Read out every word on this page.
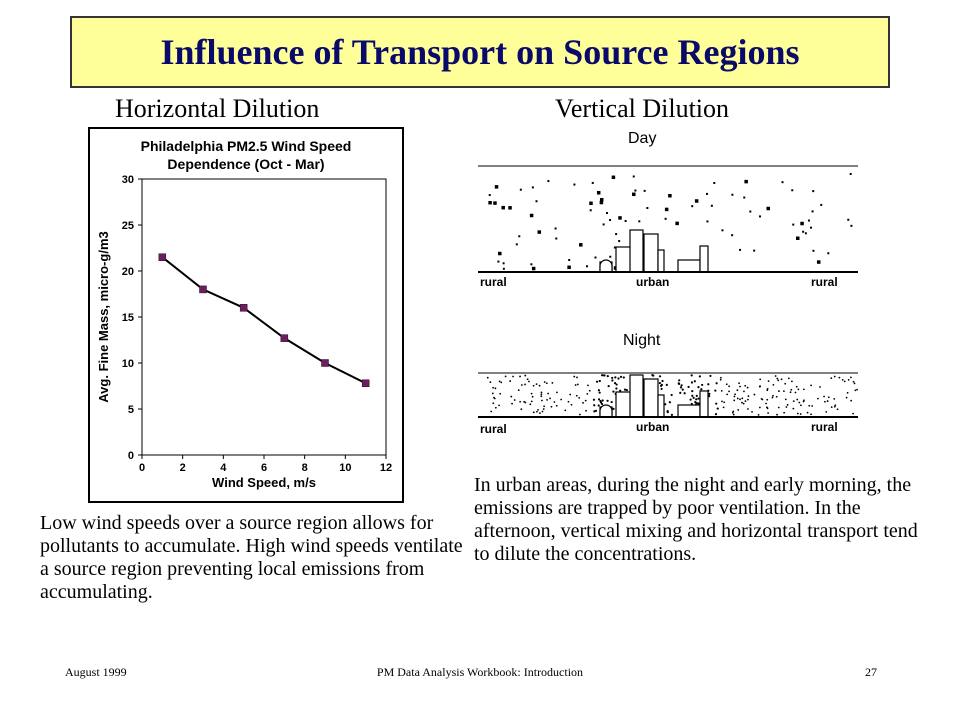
Influence of Transport on Source Regions
Horizontal Dilution	Vertical Dilution
Philadelphia PM2.5 Wind Speed
Dependence (Oct - Mar)
0	2	4	6	8	10	12
0
5
10
15
20
25
30
Wind Speed, m/s
Avg. Fine Mass, micro-g/m3
Low wind speeds over a source region allows for pollutants to accumulate. High wind speeds ventilate a source region preventing local emissions from accumulating.
Day
rural	urban	rural
Night
rural	urban	rural
In urban areas, during the night and early morning, the emissions are trapped by poor ventilation. In the afternoon, vertical mixing and horizontal transport tend to dilute the concentrations.
August 1999	PM Data Analysis Workbook: Introduction	27
